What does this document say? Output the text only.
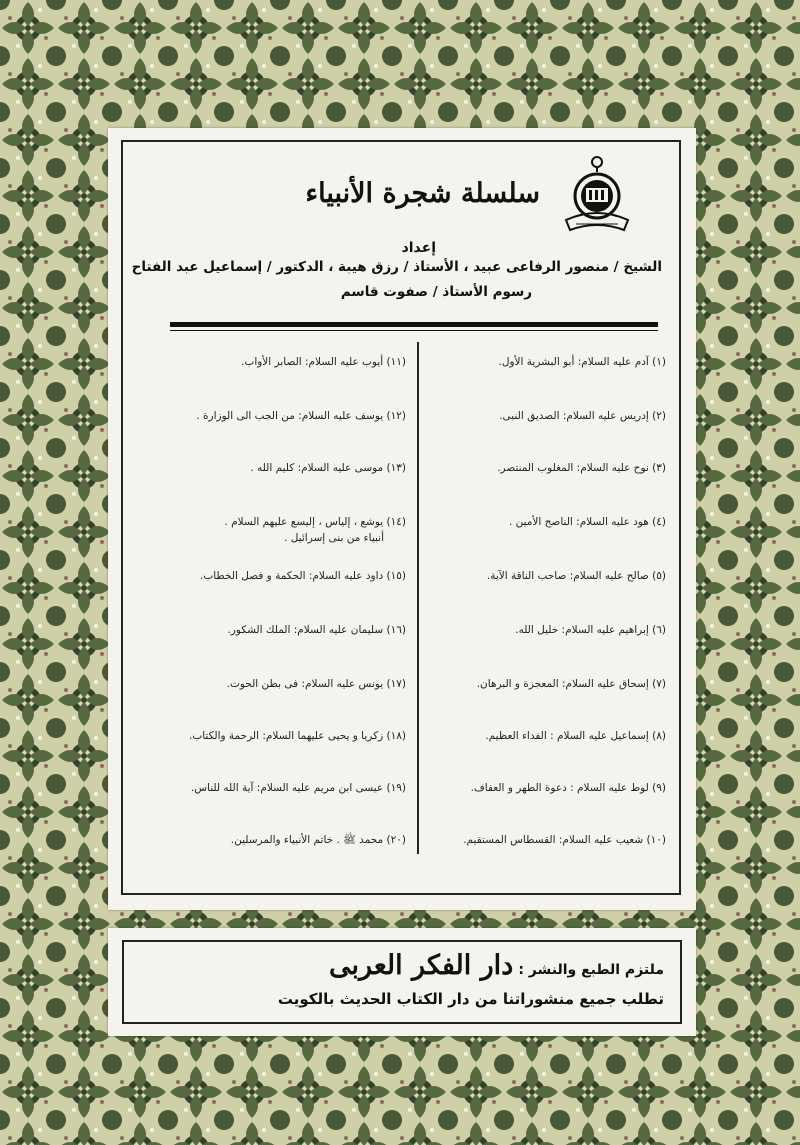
سلسلة شجرة الأنبياء
إعداد
الشيخ / منصور الرفاعى عبيد ، الأستاذ / رزق هيبة ، الدكتور / إسماعيل عبد الفتاح
رسوم الأستاذ / صفوت قاسم
(١) آدم عليه السلام: أبو البشرية الأول.
(٢) إدريس عليه السلام: الصديق النبى.
(٣) نوح عليه السلام: المغلوب المنتصر.
(٤) هود عليه السلام: الناصح الأمين .
(٥) صالح عليه السلام: صاحب الناقة الآية.
(٦) إبراهيم عليه السلام: خليل الله.
(٧) إسحاق عليه السلام: المعجزة و البرهان.
(٨) إسماعيل عليه السلام : الفداء العظيم.
(٩) لوط عليه السلام : دعوة الطهر و العفاف.
(١٠) شعيب عليه السلام: القسطاس المستقيم.
(١١) أيوب عليه السلام: الصابر الأواب.
(١٢) يوسف عليه السلام: من الجب الى الوزارة .
(١٣) موسى عليه السلام: كليم الله .
(١٤) يوشع ، إلياس ، إليسع عليهم السلام .
أنبياء من بنى إسرائيل .
(١٥) داود عليه السلام: الحكمة و فصل الخطاب.
(١٦) سليمان عليه السلام: الملك الشكور.
(١٧) يونس عليه السلام: فى بطن الحوت.
(١٨) زكريا و يحيى عليهما السلام: الرحمة والكتاب.
(١٩) عيسى ابن مريم عليه السلام: آية الله للناس.
(٢٠) محمد ﷺ . خاتم الأنبياء والمرسلين.
ملتزم الطبع والنشر : دار الفكر العربى
تطلب جميع منشوراتنا من دار الكتاب الحديث بالكويت
